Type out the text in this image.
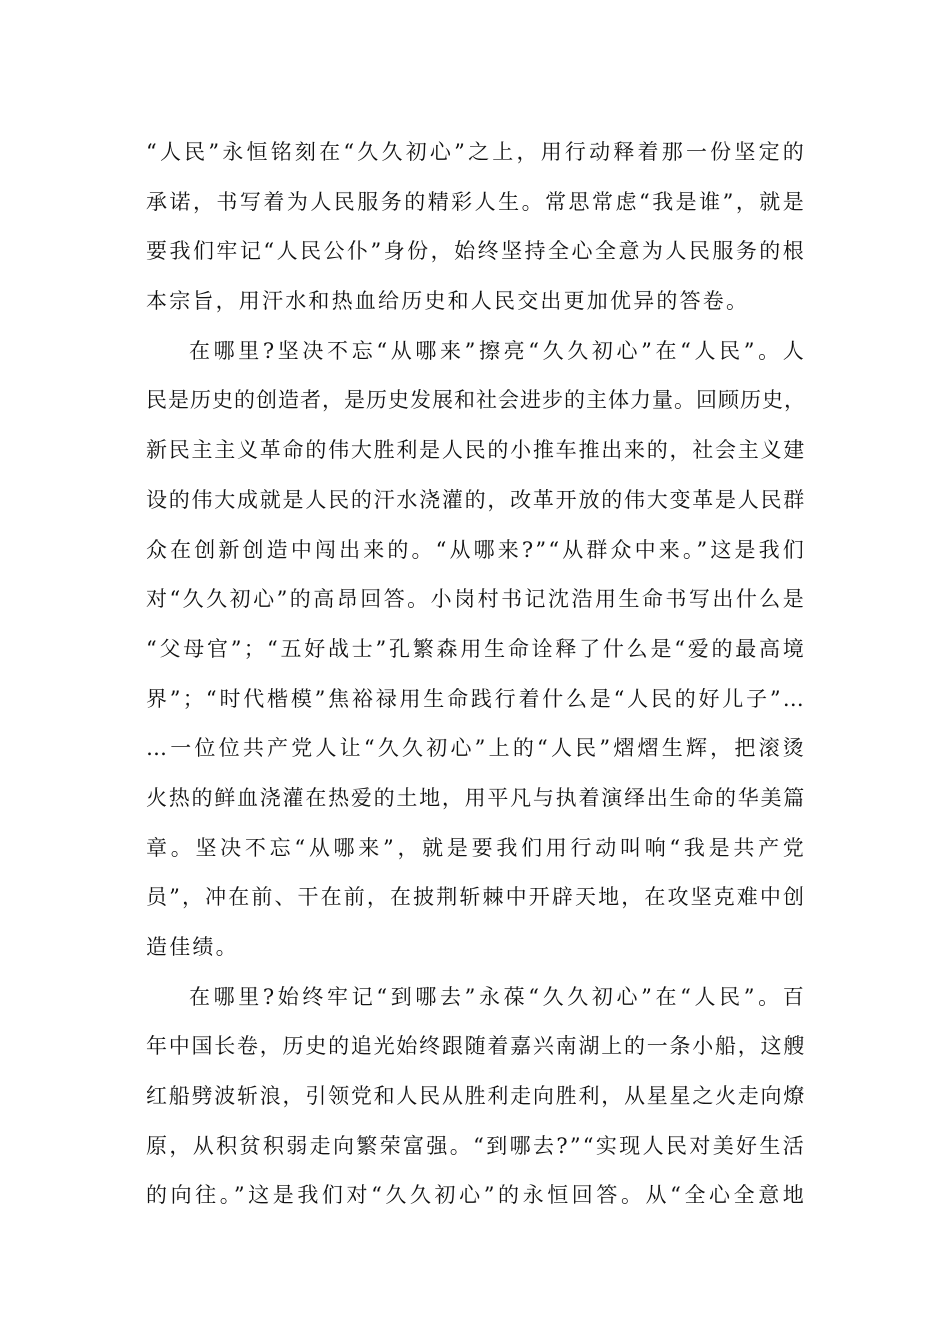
“人民”永恒铭刻在“久久初心”之上，用行动释着那一份坚定的
承诺，书写着为人民服务的精彩人生。常思常虑“我是谁”，就是
要我们牢记“人民公仆”身份，始终坚持全心全意为人民服务的根
本宗旨，用汗水和热血给历史和人民交出更加优异的答卷。
在哪里?坚决不忘“从哪来”擦亮“久久初心”在“人民”。人
民是历史的创造者，是历史发展和社会进步的主体力量。回顾历史，
新民主主义革命的伟大胜利是人民的小推车推出来的，社会主义建
设的伟大成就是人民的汗水浇灌的，改革开放的伟大变革是人民群
众在创新创造中闯出来的。“从哪来?”“从群众中来。”这是我们
对“久久初心”的高昂回答。小岗村书记沈浩用生命书写出什么是
“父母官”；“五好战士”孔繁森用生命诠释了什么是“爱的最高境
界”；“时代楷模”焦裕禄用生命践行着什么是“人民的好儿子”…
…一位位共产党人让“久久初心”上的“人民”熠熠生辉，把滚烫
火热的鲜血浇灌在热爱的土地，用平凡与执着演绎出生命的华美篇
章。坚决不忘“从哪来”，就是要我们用行动叫响“我是共产党
员”，冲在前、干在前，在披荆斩棘中开辟天地，在攻坚克难中创
造佳绩。
在哪里?始终牢记“到哪去”永葆“久久初心”在“人民”。百
年中国长卷，历史的追光始终跟随着嘉兴南湖上的一条小船，这艘
红船劈波斩浪，引领党和人民从胜利走向胜利，从星星之火走向燎
原，从积贫积弱走向繁荣富强。“到哪去?”“实现人民对美好生活
的向往。”这是我们对“久久初心”的永恒回答。从“全心全意地
